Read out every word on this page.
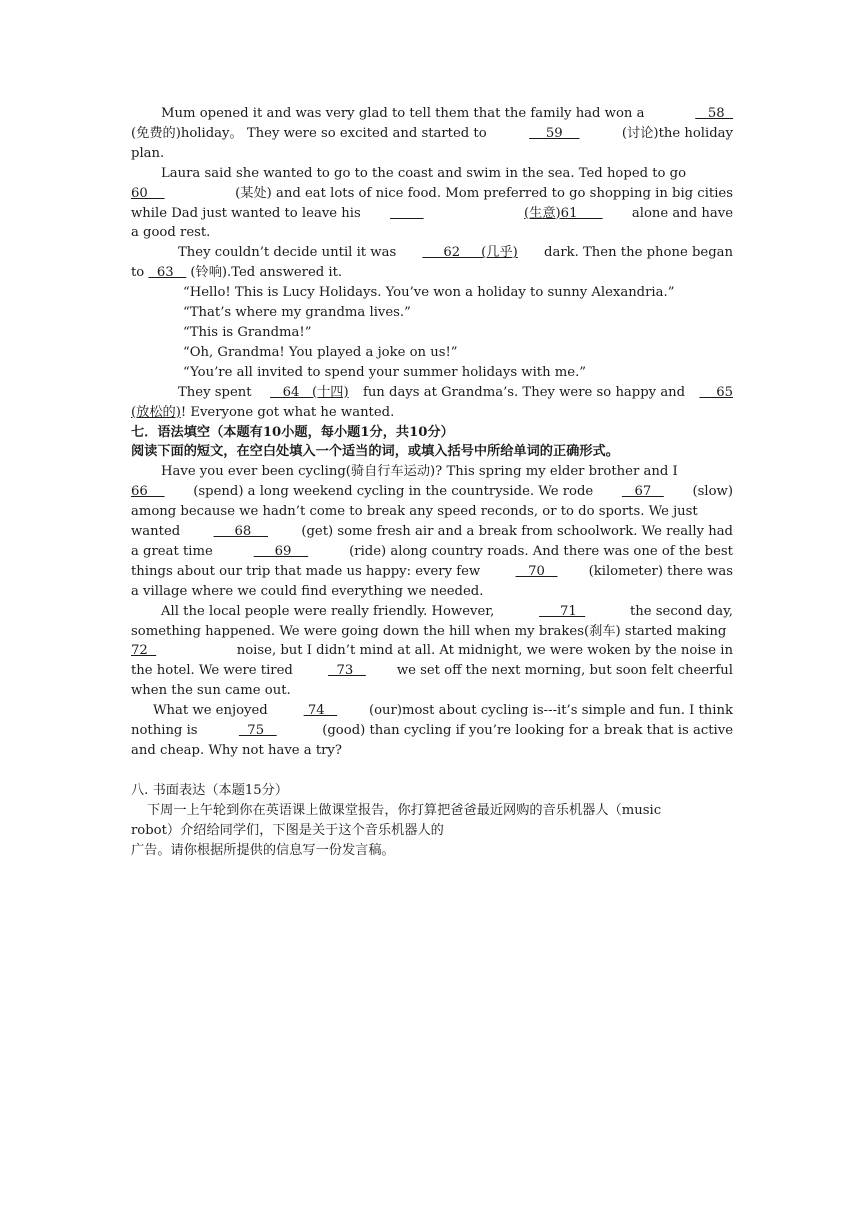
Mum opened it and was very glad to tell them that the family had won a	58
(免费的)holiday。 They were so excited and started to	59	(讨论)the holiday
plan.
Laura said she wanted to go to the coast and swim in the sea. Ted hoped to go
60	(某处) and eat lots of nice food. Mom preferred to go shopping in big cities
while Dad just wanted to leave his

	(生意)61 alone and have
a good rest.
They couldn’t decide until it was 62     (几乎) dark. Then the phone began
to 63 (铃响).Ted answered it.
“Hello! This is Lucy Holidays. You’ve won a holiday to sunny Alexandria.”
“That’s where my grandma lives.”
“This is Grandma!”
“Oh, Grandma! You played a joke on us!”
“You’re all invited to spend your summer holidays with me.”
They spent 64   (十四) fun days at Grandma’s. They were so happy and 65
(放松的) ! Everyone got what he wanted.
七．语法填空（本题有10小题，每小题1分，共10分）
阅读下面的短文，在空白处填入一个适当的词，或填入括号中所给单词的正确形式。
Have you ever been cycling(骑自行车运动)? This spring my elder brother and I
66 (spend) a long weekend cycling in the countryside. We rode 67 (slow)
among because we hadn’t come to break any speed reconds, or to do sports. We just
wanted	68	(get) some fresh air and a break from schoolwork. We really had
a great time	69	(ride) along country roads. And there was one of the best
things about our trip that made us happy: every few 70 (kilometer) there was
a village where we could find everything we needed.
All the local people were really friendly. However,	71	the second day,
something happened. We were going down the hill when my brakes(刹车) started making
72	noise, but I didn’t mind at all. At midnight, we were woken by the noise in
the hotel. We were tired 73 we set off the next morning, but soon felt cheerful
when the sun came out.
What we enjoyed 74 (our)most about cycling is---it’s simple and fun. I think
nothing is	75	(good) than cycling if you’re looking for a break that is active
and cheap. Why not have a try?
八. 书面表达（本题15分）
下周一上午轮到你在英语课上做课堂报告，你打算把爸爸最近网购的音乐机器人（music
robot）介绍给同学们，下图是关于这个音乐机器人的
广告。请你根据所提供的信息写一份发言稿。
